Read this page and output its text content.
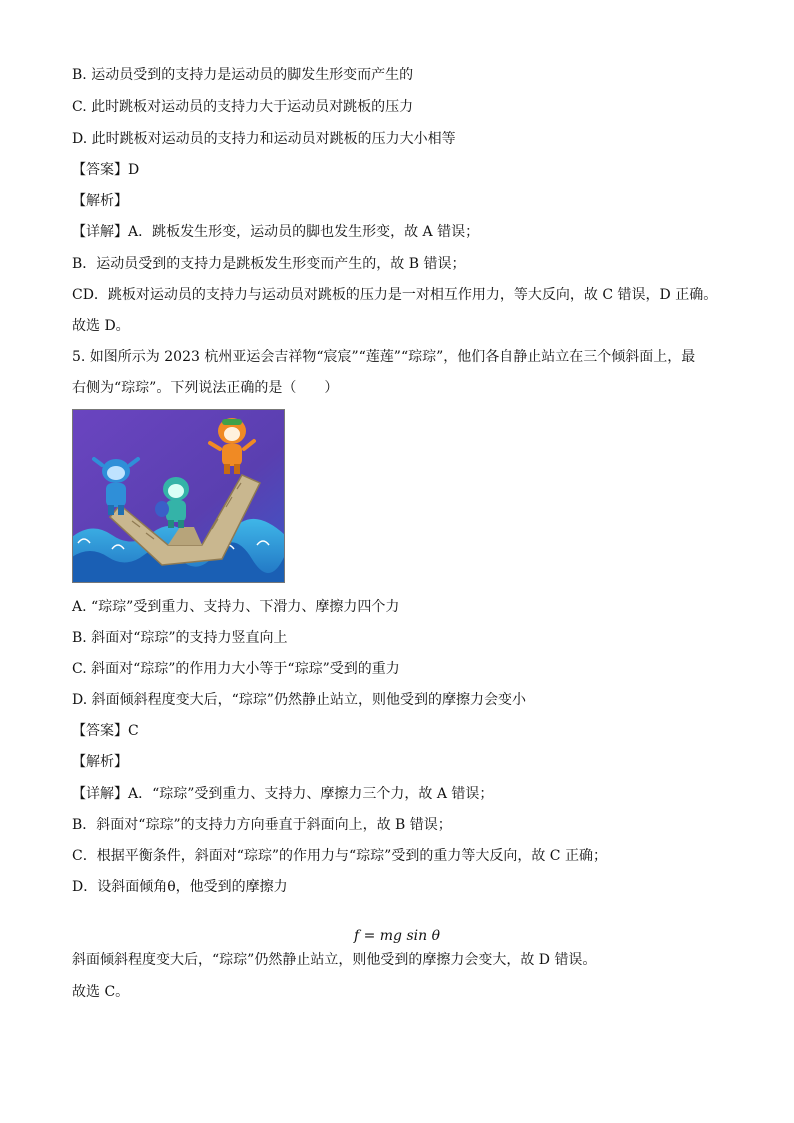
B. 运动员受到的支持力是运动员的脚发生形变而产生的

C. 此时跳板对运动员的支持力大于运动员对跳板的压力

D. 此时跳板对运动员的支持力和运动员对跳板的压力大小相等

【答案】D

【解析】

【详解】A．跳板发生形变，运动员的脚也发生形变，故 A 错误；

B．运动员受到的支持力是跳板发生形变而产生的，故 B 错误；

CD．跳板对运动员的支持力与运动员对跳板的压力是一对相互作用力，等大反向，故 C 错误，D 正确。

故选 D。

5. 如图所示为 2023 杭州亚运会吉祥物“宸宸”“莲莲”“琮琮”，他们各自静止站立在三个倾斜面上，最

右侧为“琮琮”。下列说法正确的是（　　）

A. “琮琮”受到重力、支持力、下滑力、摩擦力四个力

B. 斜面对“琮琮”的支持力竖直向上

C. 斜面对“琮琮”的作用力大小等于“琮琮”受到的重力

D. 斜面倾斜程度变大后，“琮琮”仍然静止站立，则他受到的摩擦力会变小

【答案】C

【解析】

【详解】A．“琮琮”受到重力、支持力、摩擦力三个力，故 A 错误；

B．斜面对“琮琮”的支持力方向垂直于斜面向上，故 B 错误；

C．根据平衡条件，斜面对“琮琮”的作用力与“琮琮”受到的重力等大反向，故 C 正确；

D．设斜面倾角θ，他受到的摩擦力

f = mg sin θ

斜面倾斜程度变大后，“琮琮”仍然静止站立，则他受到的摩擦力会变大，故 D 错误。

故选 C。
